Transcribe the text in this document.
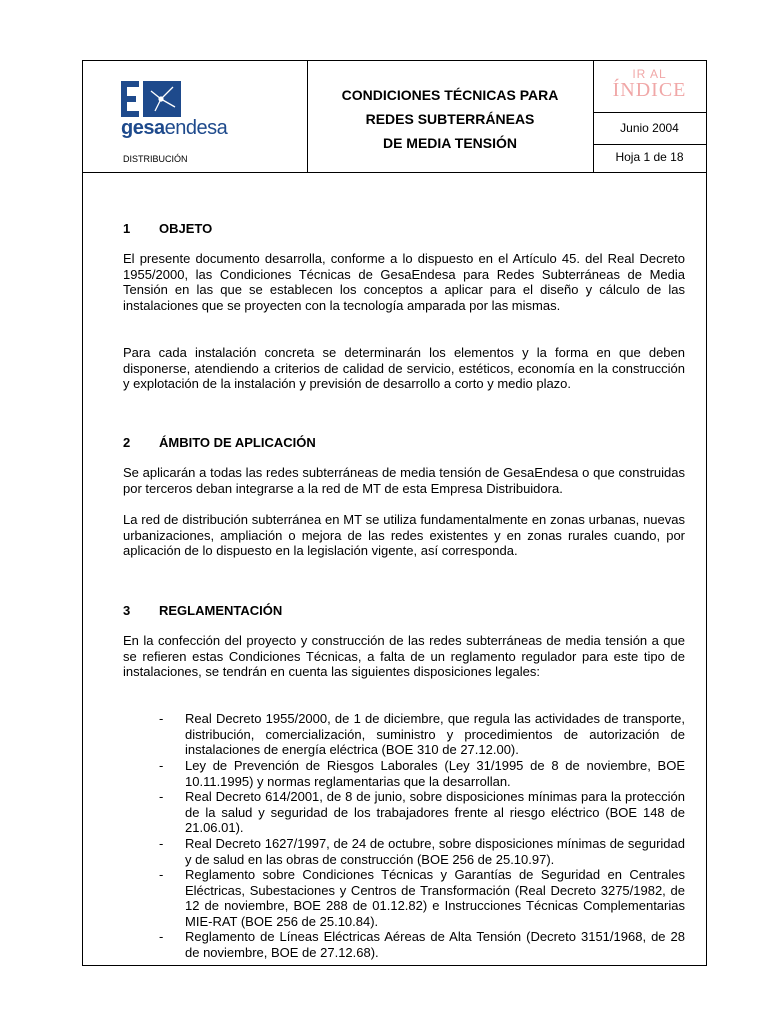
gesaendesa
DISTRIBUCIÓN
CONDICIONES TÉCNICAS PARA
REDES SUBTERRÁNEAS
DE MEDIA TENSIÓN
IR AL
ÍNDICE
Junio 2004
Hoja 1 de 18
1 OBJETO
El presente documento desarrolla, conforme a lo dispuesto en el Artículo 45. del Real Decreto 1955/2000, las Condiciones Técnicas de GesaEndesa para Redes Subterráneas de Media Tensión en las que se establecen los conceptos a aplicar para el diseño y cálculo de las instalaciones que se proyecten con la tecnología amparada por las mismas.
Para cada instalación concreta se determinarán los elementos y la forma en que deben disponerse, atendiendo a criterios de calidad de servicio, estéticos, economía en la construcción y explotación de la instalación y previsión de desarrollo a corto y medio plazo.
2 ÁMBITO DE APLICACIÓN
Se aplicarán a todas las redes subterráneas de media tensión de GesaEndesa o que construidas por terceros deban integrarse a la red de MT de esta Empresa Distribuidora.
La red de distribución subterránea en MT se utiliza fundamentalmente en zonas urbanas, nuevas urbanizaciones, ampliación o mejora de las redes existentes y en zonas rurales cuando, por aplicación de lo dispuesto en la legislación vigente, así corresponda.
3 REGLAMENTACIÓN
En la confección del proyecto y construcción de las redes subterráneas de media tensión a que se refieren estas Condiciones Técnicas, a falta de un reglamento regulador para este tipo de instalaciones, se tendrán en cuenta las siguientes disposiciones legales:
- Real Decreto 1955/2000, de 1 de diciembre, que regula las actividades de transporte, distribución, comercialización, suministro y procedimientos de autorización de instalaciones de energía eléctrica (BOE 310 de 27.12.00).
- Ley de Prevención de Riesgos Laborales (Ley 31/1995 de 8 de noviembre, BOE 10.11.1995) y normas reglamentarias que la desarrollan.
- Real Decreto 614/2001, de 8 de junio, sobre disposiciones mínimas para la protección de la salud y seguridad de los trabajadores frente al riesgo eléctrico (BOE 148 de 21.06.01).
- Real Decreto 1627/1997, de 24 de octubre, sobre disposiciones mínimas de seguridad y de salud en las obras de construcción (BOE 256 de 25.10.97).
- Reglamento sobre Condiciones Técnicas y Garantías de Seguridad en Centrales Eléctricas, Subestaciones y Centros de Transformación (Real Decreto 3275/1982, de 12 de noviembre, BOE 288 de 01.12.82) e Instrucciones Técnicas Complementarias MIE-RAT (BOE 256 de 25.10.84).
- Reglamento de Líneas Eléctricas Aéreas de Alta Tensión (Decreto 3151/1968, de 28 de noviembre, BOE de 27.12.68).
